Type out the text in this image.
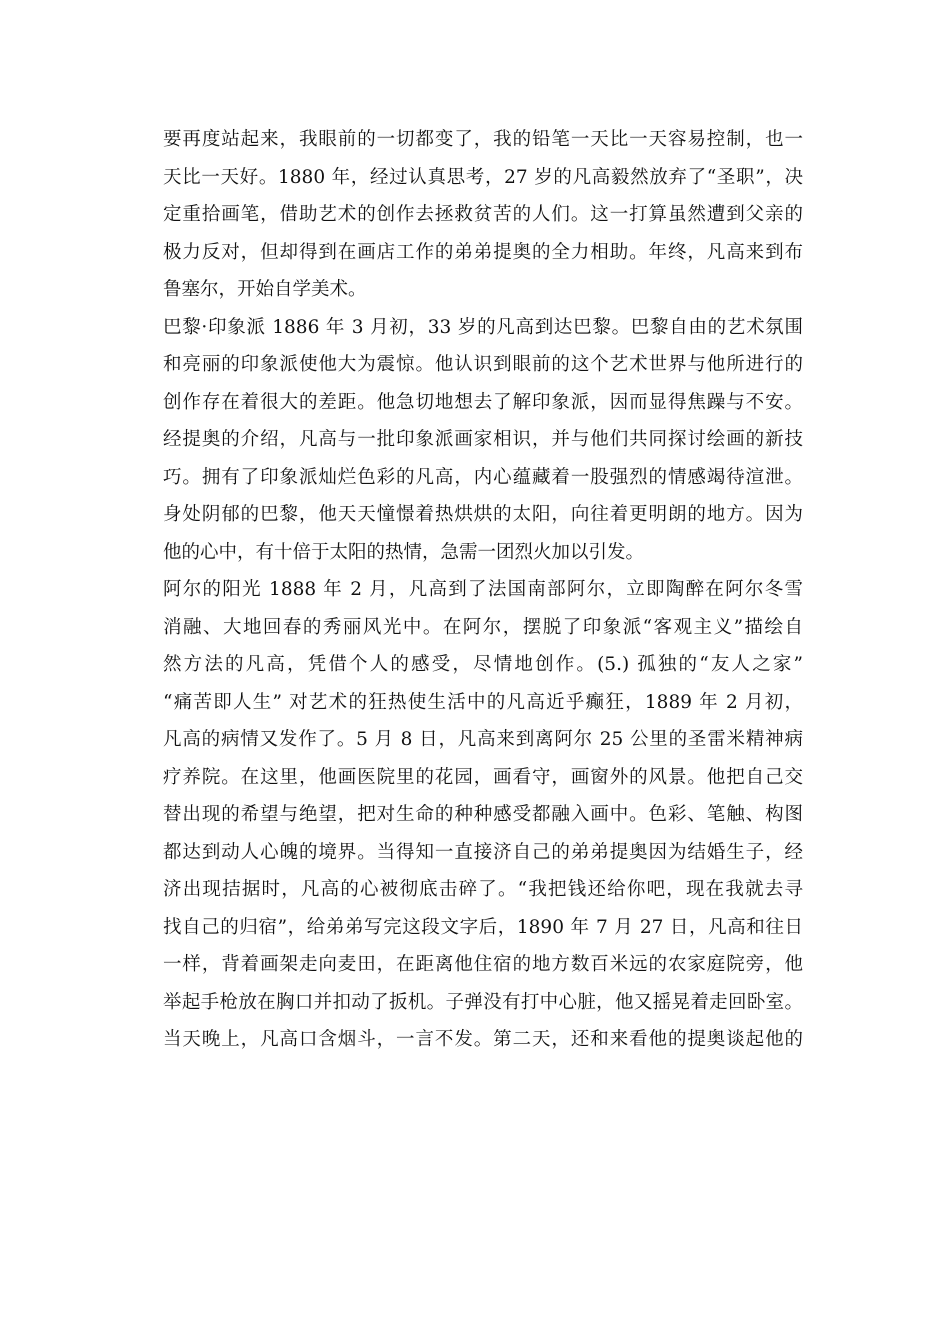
要再度站起来，我眼前的一切都变了，我的铅笔一天比一天容易控制，也一
天比一天好。1880 年，经过认真思考，27 岁的凡高毅然放弃了“圣职”，决
定重拾画笔，借助艺术的创作去拯救贫苦的人们。这一打算虽然遭到父亲的
极力反对，但却得到在画店工作的弟弟提奥的全力相助。年终，凡高来到布
鲁塞尔，开始自学美术。
巴黎·印象派 1886 年 3 月初，33 岁的凡高到达巴黎。巴黎自由的艺术氛围
和亮丽的印象派使他大为震惊。他认识到眼前的这个艺术世界与他所进行的
创作存在着很大的差距。他急切地想去了解印象派，因而显得焦躁与不安。
经提奥的介绍，凡高与一批印象派画家相识，并与他们共同探讨绘画的新技
巧。拥有了印象派灿烂色彩的凡高，内心蕴藏着一股强烈的情感竭待渲泄。
身处阴郁的巴黎，他天天憧憬着热烘烘的太阳，向往着更明朗的地方。因为
他的心中，有十倍于太阳的热情，急需一团烈火加以引发。
阿尔的阳光 1888 年 2 月，凡高到了法国南部阿尔，立即陶醉在阿尔冬雪
消融、大地回春的秀丽风光中。在阿尔，摆脱了印象派“客观主义”描绘自
然方法的凡高，凭借个人的感受，尽情地创作。(5.) 孤独的“友人之家”
“痛苦即人生” 对艺术的狂热使生活中的凡高近乎癫狂，1889 年 2 月初，
凡高的病情又发作了。5 月 8 日，凡高来到离阿尔 25 公里的圣雷米精神病
疗养院。在这里，他画医院里的花园，画看守，画窗外的风景。他把自己交
替出现的希望与绝望，把对生命的种种感受都融入画中。色彩、笔触、构图
都达到动人心魄的境界。当得知一直接济自己的弟弟提奥因为结婚生子，经
济出现拮据时，凡高的心被彻底击碎了。“我把钱还给你吧，现在我就去寻
找自己的归宿”，给弟弟写完这段文字后，1890 年 7 月 27 日，凡高和往日
一样，背着画架走向麦田，在距离他住宿的地方数百米远的农家庭院旁，他
举起手枪放在胸口并扣动了扳机。子弹没有打中心脏，他又摇晃着走回卧室。
当天晚上，凡高口含烟斗，一言不发。第二天，还和来看他的提奥谈起他的
